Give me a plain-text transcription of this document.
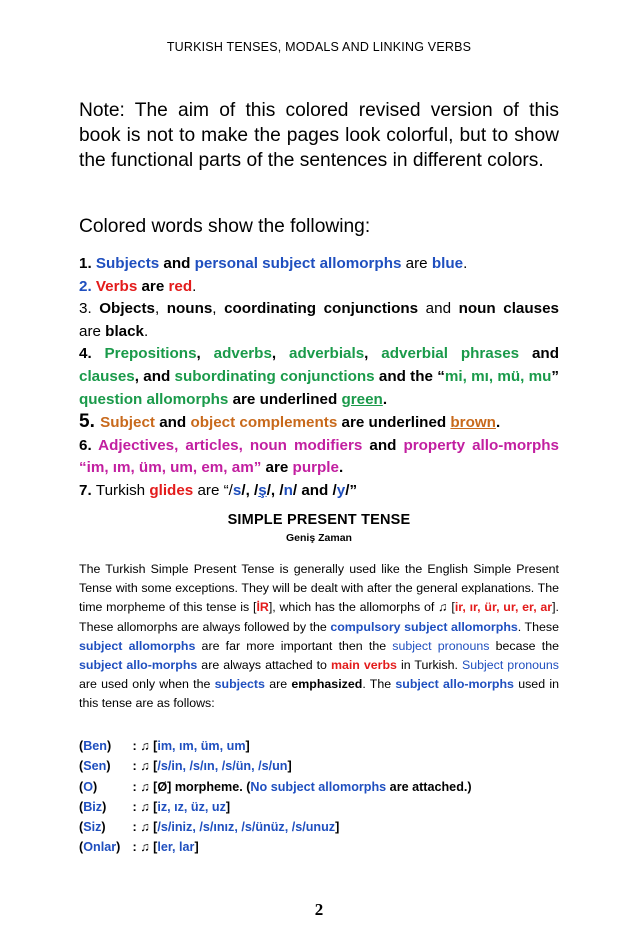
TURKISH TENSES, MODALS AND LINKING VERBS
Note: The aim of this colored revised version of this book is not to make the pages look colorful, but to show the functional parts of the sentences in different colors.
Colored words show the following:

1. Subjects and personal subject allomorphs are blue.

2. Verbs are red.

3. Objects, nouns, coordinating conjunctions and noun clauses are black.

4. Prepositions, adverbs, adverbials, adverbial phrases and clauses, and subordinating conjunctions and the “mi, mı, mü, mu” question allomorphs are underlined green.

5. Subject and object complements are underlined brown.

6. Adjectives, articles, noun modifiers and property allo-morphs “im, ım, üm, um, em, am” are purple.

7. Turkish glides are “/s/, /ş/, /n/ and /y/”

SIMPLE PRESENT TENSE
Geniş Zaman
The Turkish Simple Present Tense is generally used like the English Simple Present Tense with some exceptions. They will be dealt with after the general explanations. The time morpheme of this tense is [İR], which has the allomorphs of ♫ [ir, ır, ür, ur, er, ar]. These allomorphs are always followed by the compulsory subject allomorphs. These subject allomorphs are far more important then the subject pronouns becase the subject allo-morphs are always attached to main verbs in Turkish. Subject pronouns are used only when the subjects are emphasized. The subject allo-morphs used in this tense are as follows:
(Ben) : ♫ [im, ım, üm, um]
(Sen) : ♫ [/s/in, /s/ın, /s/ün, /s/un]
(O)	: ♫ [Ø] morpheme. (No subject allomorphs are attached.)
(Biz) : ♫ [iz, ız, üz, uz]
(Siz) : ♫ [/s/iniz, /s/ınız, /s/ünüz, /s/unuz]
(Onlar) : ♫ [ler, lar]
2
